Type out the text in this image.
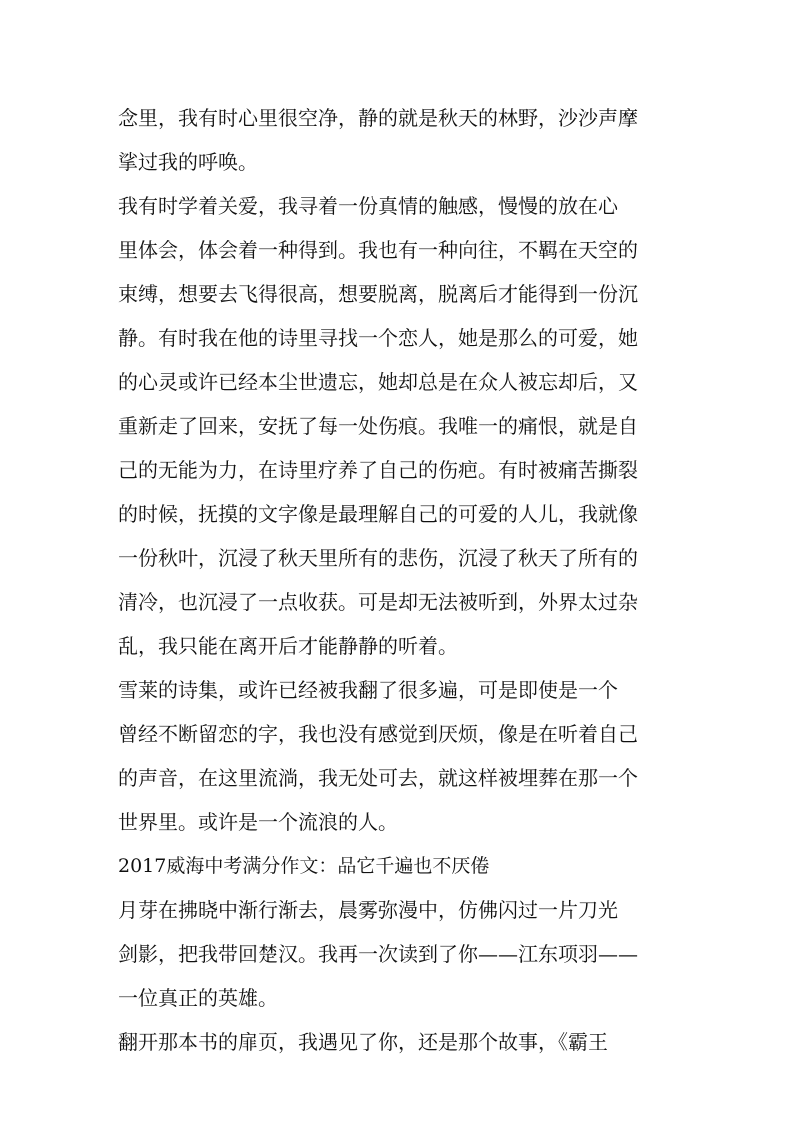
念里，我有时心里很空净，静的就是秋天的林野，沙沙声摩
挲过我的呼唤。
我有时学着关爱，我寻着一份真情的触感，慢慢的放在心
里体会，体会着一种得到。我也有一种向往，不羁在天空的
束缚，想要去飞得很高，想要脱离，脱离后才能得到一份沉
静。有时我在他的诗里寻找一个恋人，她是那么的可爱，她
的心灵或许已经本尘世遗忘，她却总是在众人被忘却后，又
重新走了回来，安抚了每一处伤痕。我唯一的痛恨，就是自
己的无能为力，在诗里疗养了自己的伤疤。有时被痛苦撕裂
的时候，抚摸的文字像是最理解自己的可爱的人儿，我就像
一份秋叶，沉浸了秋天里所有的悲伤，沉浸了秋天了所有的
清冷，也沉浸了一点收获。可是却无法被听到，外界太过杂
乱，我只能在离开后才能静静的听着。
雪莱的诗集，或许已经被我翻了很多遍，可是即使是一个
曾经不断留恋的字，我也没有感觉到厌烦，像是在听着自己
的声音，在这里流淌，我无处可去，就这样被埋葬在那一个
世界里。或许是一个流浪的人。
2017威海中考满分作文：品它千遍也不厌倦
月芽在拂晓中渐行渐去，晨雾弥漫中，仿佛闪过一片刀光
剑影，把我带回楚汉。我再一次读到了你——江东项羽——
一位真正的英雄。
翻开那本书的扉页，我遇见了你，还是那个故事，《霸王
